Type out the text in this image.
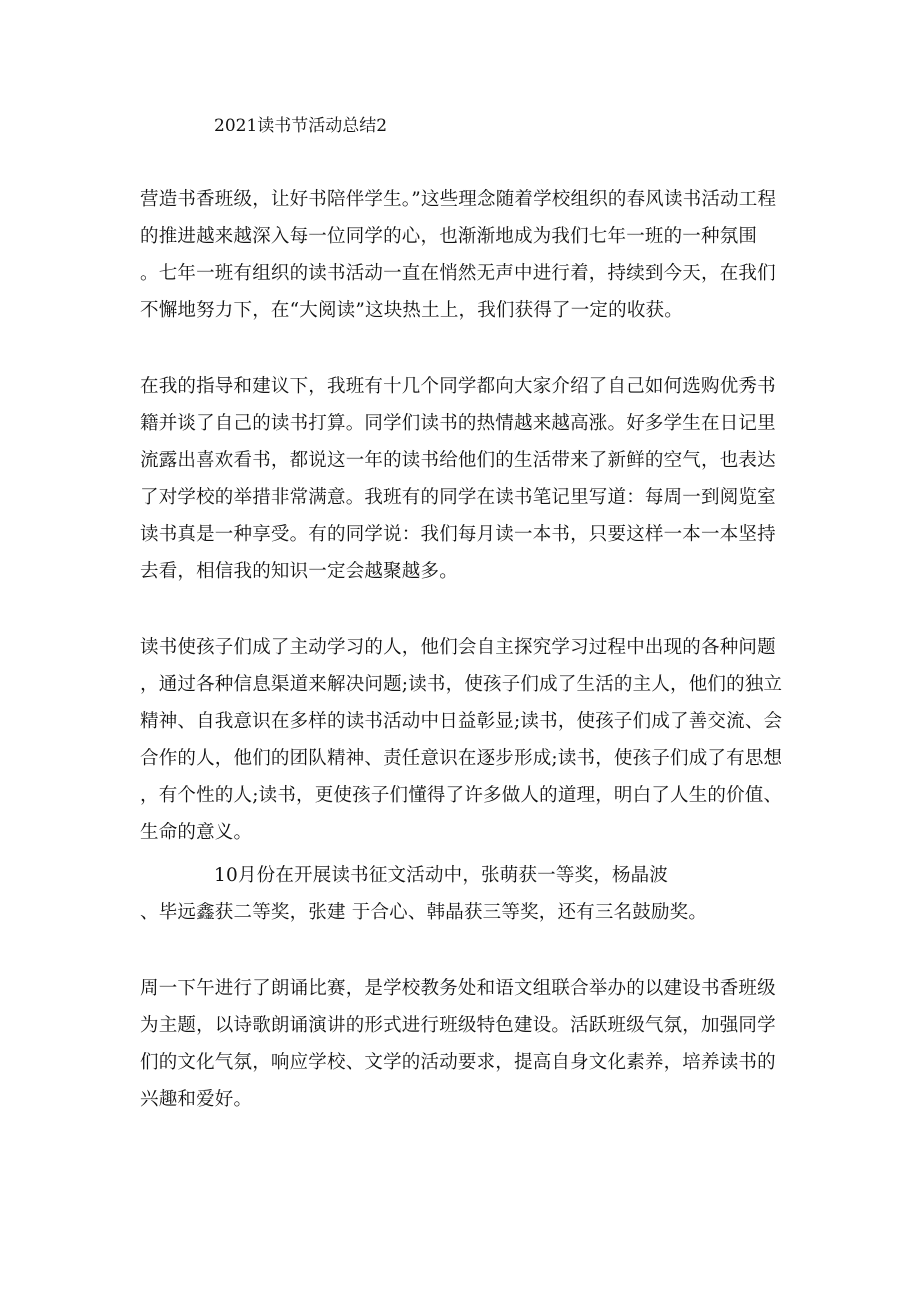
2021读书节活动总结2
营造书香班级，让好书陪伴学生。”这些理念随着学校组织的春风读书活动工程
的推进越来越深入每一位同学的心，也渐渐地成为我们七年一班的一种氛围
。七年一班有组织的读书活动一直在悄然无声中进行着，持续到今天，在我们
不懈地努力下，在“大阅读”这块热土上，我们获得了一定的收获。
在我的指导和建议下，我班有十几个同学都向大家介绍了自己如何选购优秀书
籍并谈了自己的读书打算。同学们读书的热情越来越高涨。好多学生在日记里
流露出喜欢看书，都说这一年的读书给他们的生活带来了新鲜的空气，也表达
了对学校的举措非常满意。我班有的同学在读书笔记里写道：每周一到阅览室
读书真是一种享受。有的同学说：我们每月读一本书，只要这样一本一本坚持
去看，相信我的知识一定会越聚越多。
读书使孩子们成了主动学习的人，他们会自主探究学习过程中出现的各种问题
，通过各种信息渠道来解决问题;读书，使孩子们成了生活的主人，他们的独立
精神、自我意识在多样的读书活动中日益彰显;读书，使孩子们成了善交流、会
合作的人，他们的团队精神、责任意识在逐步形成;读书，使孩子们成了有思想
，有个性的人;读书，更使孩子们懂得了许多做人的道理，明白了人生的价值、
生命的意义。
10月份在开展读书征文活动中，张萌获一等奖，杨晶波
、毕远鑫获二等奖，张建 于合心、韩晶获三等奖，还有三名鼓励奖。
周一下午进行了朗诵比赛，是学校教务处和语文组联合举办的以建设书香班级
为主题，以诗歌朗诵演讲的形式进行班级特色建设。活跃班级气氛，加强同学
们的文化气氛，响应学校、文学的活动要求，提高自身文化素养，培养读书的
兴趣和爱好。
